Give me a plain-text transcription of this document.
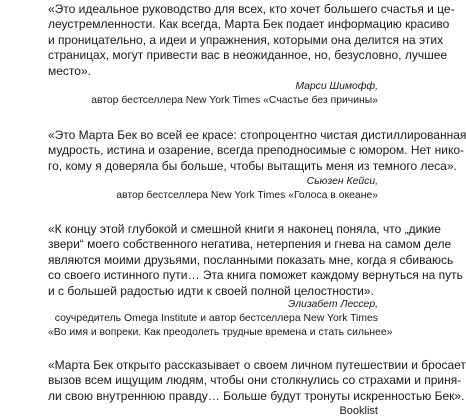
«Это идеальное руководство для всех, кто хочет большего счастья и це-
леустремленности. Как всегда, Марта Бек подает информацию красиво
и проницательно, а идеи и упражнения, которыми она делится на этих
страницах, могут привести вас в неожиданное, но, безусловно, лучшее
место».
Марси Шимофф,
автор бестселлера New York Times «Счастье без причины»
«Это Марта Бек во всей ее красе: стопроцентно чистая дистиллированная
мудрость, истина и озарение, всегда преподносимые с юмором. Нет нико-
го, кому я доверяла бы больше, чтобы вытащить меня из темного леса».
Сьюзен Кейси,
автор бестселлера New York Times «Голоса в океане»
«К концу этой глубокой и смешной книги я наконец поняла, что „дикие
звери“ моего собственного негатива, нетерпения и гнева на самом деле
являются моими друзьями, посланными показать мне, когда я сбиваюсь
со своего истинного пути… Эта книга поможет каждому вернуться на путь
и с большей радостью идти к своей полной целостности».
Элизабет Лессер,
соучредитель Omega Institute и автор бестселлера New York Times
«Во имя и вопреки. Как преодолеть трудные времена и стать сильнее»
«Марта Бек открыто рассказывает о своем личном путешествии и бросает
вызов всем ищущим людям, чтобы они столкнулись со страхами и приня-
ли свою внутреннюю правду… Больше будут тронуты искренностью Бек».
Booklist
